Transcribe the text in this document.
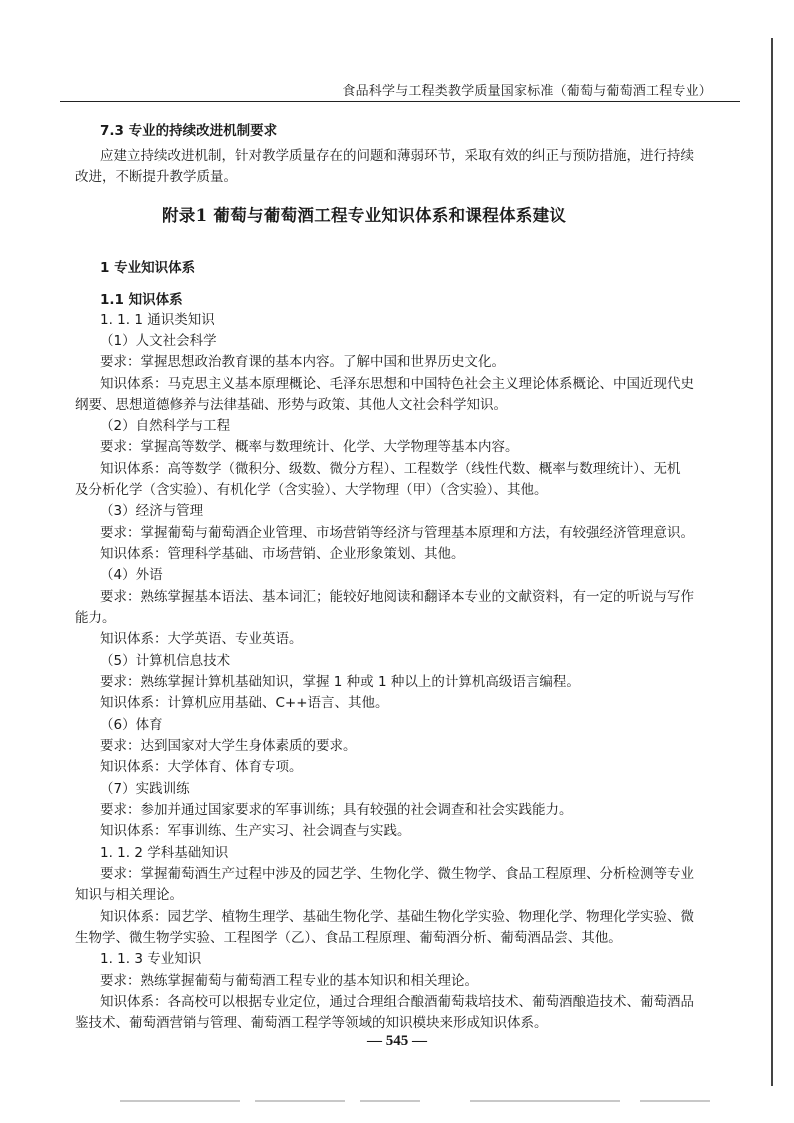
食品科学与工程类教学质量国家标准（葡萄与葡萄酒工程专业）
7.3 专业的持续改进机制要求
应建立持续改进机制，针对教学质量存在的问题和薄弱环节，采取有效的纠正与预防措施，进行持续
改进，不断提升教学质量。
附录1 葡萄与葡萄酒工程专业知识体系和课程体系建议
1 专业知识体系
1.1 知识体系
1. 1. 1 通识类知识
（1）人文社会科学
要求：掌握思想政治教育课的基本内容。了解中国和世界历史文化。
知识体系：马克思主义基本原理概论、毛泽东思想和中国特色社会主义理论体系概论、中国近现代史
纲要、思想道德修养与法律基础、形势与政策、其他人文社会科学知识。
（2）自然科学与工程
要求：掌握高等数学、概率与数理统计、化学、大学物理等基本内容。
知识体系：高等数学（微积分、级数、微分方程）、工程数学（线性代数、概率与数理统计）、无机
及分析化学（含实验）、有机化学（含实验）、大学物理（甲）（含实验）、其他。
（3）经济与管理
要求：掌握葡萄与葡萄酒企业管理、市场营销等经济与管理基本原理和方法，有较强经济管理意识。
知识体系：管理科学基础、市场营销、企业形象策划、其他。
（4）外语
要求：熟练掌握基本语法、基本词汇；能较好地阅读和翻译本专业的文献资料，有一定的听说与写作
能力。
知识体系：大学英语、专业英语。
（5）计算机信息技术
要求：熟练掌握计算机基础知识，掌握 1 种或 1 种以上的计算机高级语言编程。
知识体系：计算机应用基础、C++语言、其他。
（6）体育
要求：达到国家对大学生身体素质的要求。
知识体系：大学体育、体育专项。
（7）实践训练
要求：参加并通过国家要求的军事训练；具有较强的社会调查和社会实践能力。
知识体系：军事训练、生产实习、社会调查与实践。
1. 1. 2 学科基础知识
要求：掌握葡萄酒生产过程中涉及的园艺学、生物化学、微生物学、食品工程原理、分析检测等专业
知识与相关理论。
知识体系：园艺学、植物生理学、基础生物化学、基础生物化学实验、物理化学、物理化学实验、微
生物学、微生物学实验、工程图学（乙）、食品工程原理、葡萄酒分析、葡萄酒品尝、其他。
1. 1. 3 专业知识
要求：熟练掌握葡萄与葡萄酒工程专业的基本知识和相关理论。
知识体系：各高校可以根据专业定位，通过合理组合酿酒葡萄栽培技术、葡萄酒酿造技术、葡萄酒品
鉴技术、葡萄酒营销与管理、葡萄酒工程学等领域的知识模块来形成知识体系。
— 545 —
